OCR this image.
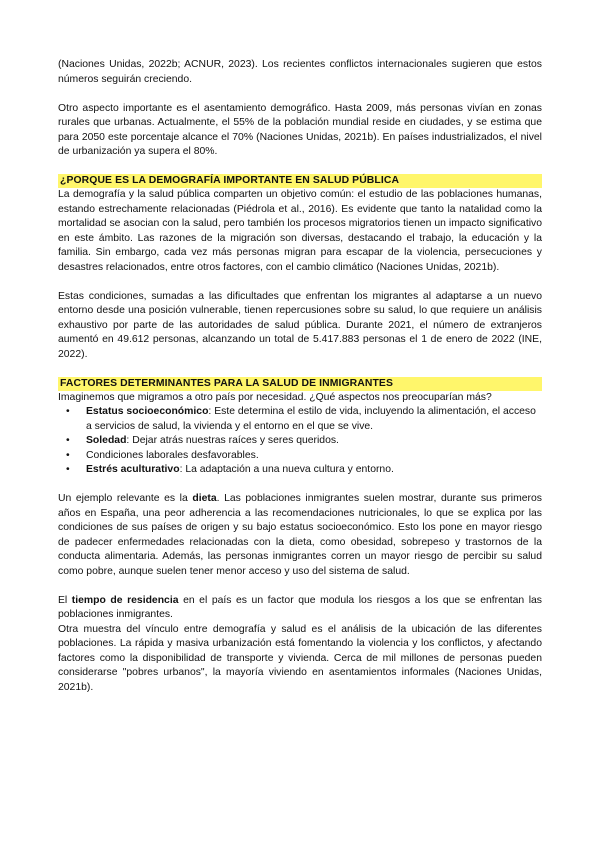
(Naciones Unidas, 2022b; ACNUR, 2023). Los recientes conflictos internacionales sugieren que estos números seguirán creciendo.

Otro aspecto importante es el asentamiento demográfico. Hasta 2009, más personas vivían en zonas rurales que urbanas. Actualmente, el 55% de la población mundial reside en ciudades, y se estima que para 2050 este porcentaje alcance el 70% (Naciones Unidas, 2021b). En países industrializados, el nivel de urbanización ya supera el 80%.

¿PORQUE ES LA DEMOGRAFÍA IMPORTANTE EN SALUD PÚBLICA

La demografía y la salud pública comparten un objetivo común: el estudio de las poblaciones humanas, estando estrechamente relacionadas (Piédrola et al., 2016). Es evidente que tanto la natalidad como la mortalidad se asocian con la salud, pero también los procesos migratorios tienen un impacto significativo en este ámbito. Las razones de la migración son diversas, destacando el trabajo, la educación y la familia. Sin embargo, cada vez más personas migran para escapar de la violencia, persecuciones y desastres relacionados, entre otros factores, con el cambio climático (Naciones Unidas, 2021b).

Estas condiciones, sumadas a las dificultades que enfrentan los migrantes al adaptarse a un nuevo entorno desde una posición vulnerable, tienen repercusiones sobre su salud, lo que requiere un análisis exhaustivo por parte de las autoridades de salud pública. Durante 2021, el número de extranjeros aumentó en 49.612 personas, alcanzando un total de 5.417.883 personas el 1 de enero de 2022 (INE, 2022).

FACTORES DETERMINANTES PARA LA SALUD DE INMIGRANTES

Imaginemos que migramos a otro país por necesidad. ¿Qué aspectos nos preocuparían más?

• Estatus socioeconómico: Este determina el estilo de vida, incluyendo la alimentación, el acceso a servicios de salud, la vivienda y el entorno en el que se vive.
• Soledad: Dejar atrás nuestras raíces y seres queridos.
• Condiciones laborales desfavorables.
• Estrés aculturativo: La adaptación a una nueva cultura y entorno.

Un ejemplo relevante es la dieta. Las poblaciones inmigrantes suelen mostrar, durante sus primeros años en España, una peor adherencia a las recomendaciones nutricionales, lo que se explica por las condiciones de sus países de origen y su bajo estatus socioeconómico. Esto los pone en mayor riesgo de padecer enfermedades relacionadas con la dieta, como obesidad, sobrepeso y trastornos de la conducta alimentaria. Además, las personas inmigrantes corren un mayor riesgo de percibir su salud como pobre, aunque suelen tener menor acceso y uso del sistema de salud.

El tiempo de residencia en el país es un factor que modula los riesgos a los que se enfrentan las poblaciones inmigrantes.

Otra muestra del vínculo entre demografía y salud es el análisis de la ubicación de las diferentes poblaciones. La rápida y masiva urbanización está fomentando la violencia y los conflictos, y afectando factores como la disponibilidad de transporte y vivienda. Cerca de mil millones de personas pueden considerarse "pobres urbanos", la mayoría viviendo en asentamientos informales (Naciones Unidas, 2021b).
